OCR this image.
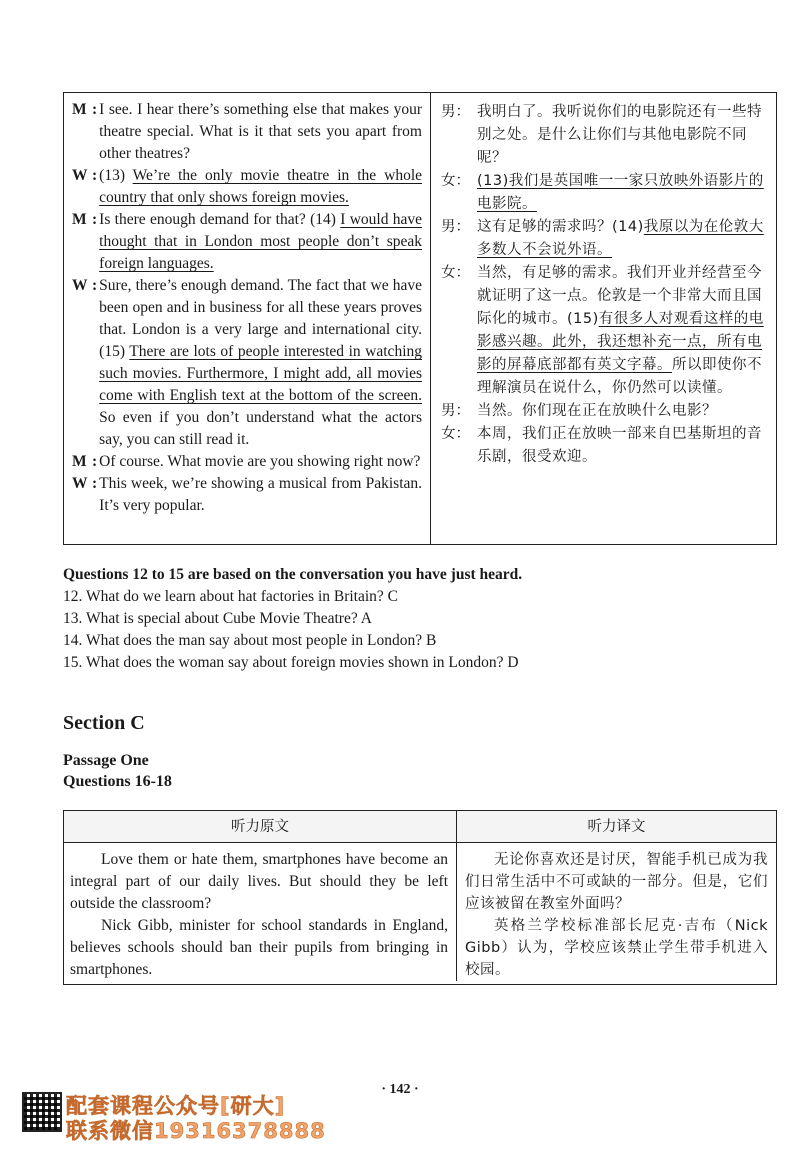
M : I see. I hear there’s something else that makes your theatre special. What is it that sets you apart from other theatres?
W : (13) We’re the only movie theatre in the whole country that only shows foreign movies.
M : Is there enough demand for that? (14) I would have thought that in London most people don’t speak foreign languages.
W : Sure, there’s enough demand. The fact that we have been open and in business for all these years proves that. London is a very large and international city. (15) There are lots of people interested in watching such movies. Furthermore, I might add, all movies come with English text at the bottom of the screen. So even if you don’t understand what the actors say, you can still read it.
M : Of course. What movie are you showing right now?
W : This week, we’re showing a musical from Pakistan. It’s very popular.
男： 我明白了。我听说你们的电影院还有一些特别之处。是什么让你们与其他电影院不同呢？
女： (13)我们是英国唯一一家只放映外语影片的电影院。
男： 这有足够的需求吗？(14)我原以为在伦敦大多数人不会说外语。
女： 当然，有足够的需求。我们开业并经营至今就证明了这一点。伦敦是一个非常大而且国际化的城市。(15)有很多人对观看这样的电影感兴趣。此外，我还想补充一点，所有电影的屏幕底部都有英文字幕。所以即使你不理解演员在说什么，你仍然可以读懂。
男： 当然。你们现在正在放映什么电影？
女： 本周，我们正在放映一部来自巴基斯坦的音乐剧，很受欢迎。
Questions 12 to 15 are based on the conversation you have just heard.
12. What do we learn about hat factories in Britain? C
13. What is special about Cube Movie Theatre? A
14. What does the man say about most people in London? B
15. What does the woman say about foreign movies shown in London? D
Section C
Passage One
Questions 16-18
听力原文	听力译文

Love them or hate them, smartphones have become an integral part of our daily lives. But should they be left outside the classroom?

Nick Gibb, minister for school standards in England, believes schools should ban their pupils from bringing in smartphones.

无论你喜欢还是讨厌，智能手机已成为我们日常生活中不可或缺的一部分。但是，它们应该被留在教室外面吗？

英格兰学校标准部长尼克·吉布（Nick Gibb）认为，学校应该禁止学生带手机进入校园。

· 142 ·
配套课程公众号[研大]
联系微信19316378888
